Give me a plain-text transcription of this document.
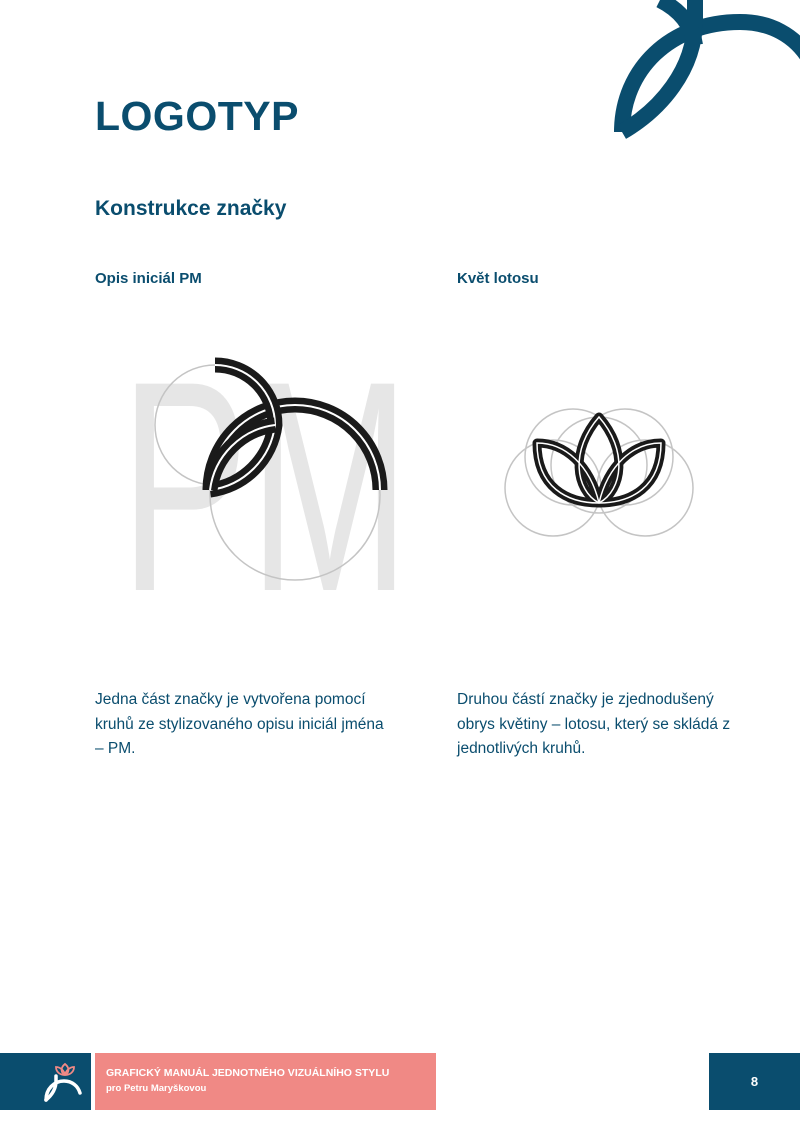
LOGOTYP
Konstrukce značky
Opis iniciál PM	Květ lotosu
PM

Jedna část značky je vytvořena pomocí kruhů ze stylizovaného opisu iniciál jména – PM.

Druhou částí značky je zjednodušený obrys květiny – lotosu, který se skládá z jednotlivých kruhů.

GRAFICKÝ MANUÁL JEDNOTNÉHO VIZUÁLNÍHO STYLU

pro Petru Maryškovou	8
